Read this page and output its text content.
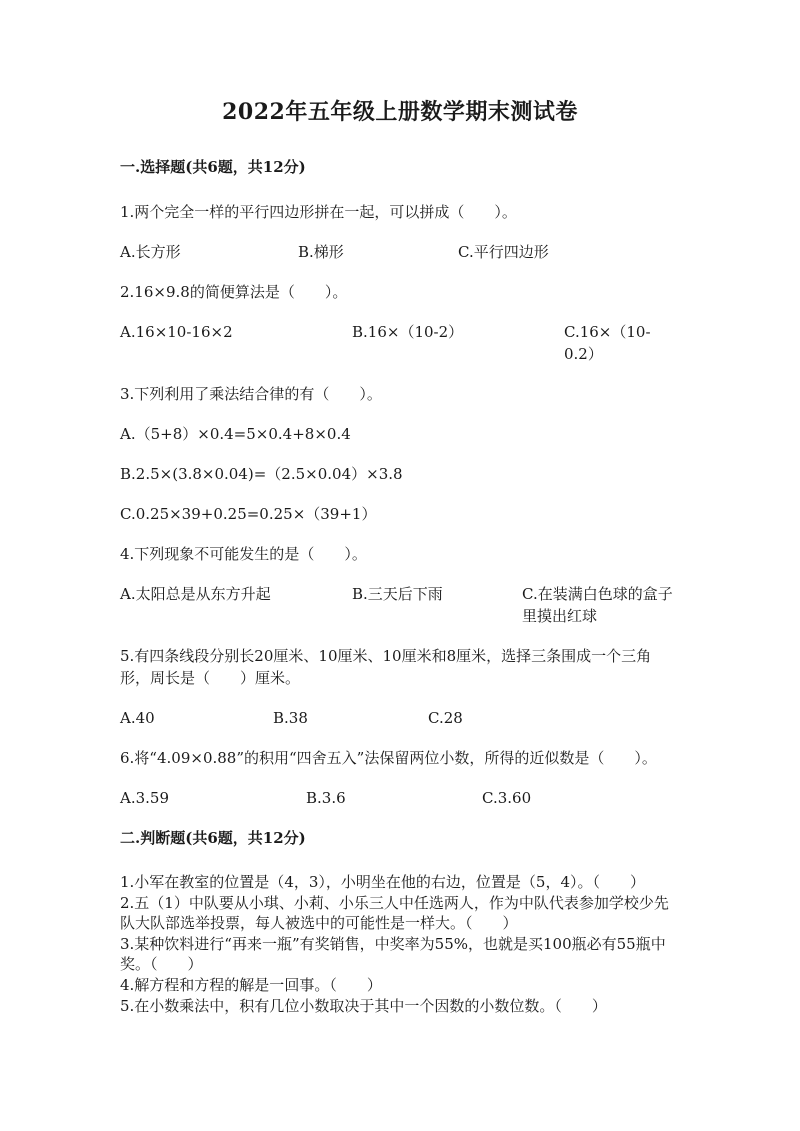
2022年五年级上册数学期末测试卷
一.选择题(共6题，共12分)
1.两个完全一样的平行四边形拼在一起，可以拼成（　　）。
A.长方形	B.梯形	C.平行四边形
2.16×9.8的简便算法是（　　）。
A.16×10-16×2	B.16×（10-2）	C.16×（10-0.2）
3.下列利用了乘法结合律的有（　　）。
A.（5+8）×0.4=5×0.4+8×0.4
B.2.5×(3.8×0.04)=（2.5×0.04）×3.8
C.0.25×39+0.25=0.25×（39+1）
4.下列现象不可能发生的是（　　）。
A.太阳总是从东方升起	B.三天后下雨	C.在装满白色球的盒子里摸出红球
5.有四条线段分别长20厘米、10厘米、10厘米和8厘米，选择三条围成一个三角形，周长是（　　）厘米。
A.40	B.38	C.28
6.将“4.09×0.88”的积用“四舍五入”法保留两位小数，所得的近似数是（　　）。
A.3.59	B.3.6	C.3.60
二.判断题(共6题，共12分)
1.小军在教室的位置是（4，3），小明坐在他的右边，位置是（5，4）。（　　）
2.五（1）中队要从小琪、小莉、小乐三人中任选两人，作为中队代表参加学校少先队大队部选举投票，每人被选中的可能性是一样大。（　　）
3.某种饮料进行“再来一瓶”有奖销售，中奖率为55%，也就是买100瓶必有55瓶中奖。（　　）
4.解方程和方程的解是一回事。（　　）
5.在小数乘法中，积有几位小数取决于其中一个因数的小数位数。（　　）
